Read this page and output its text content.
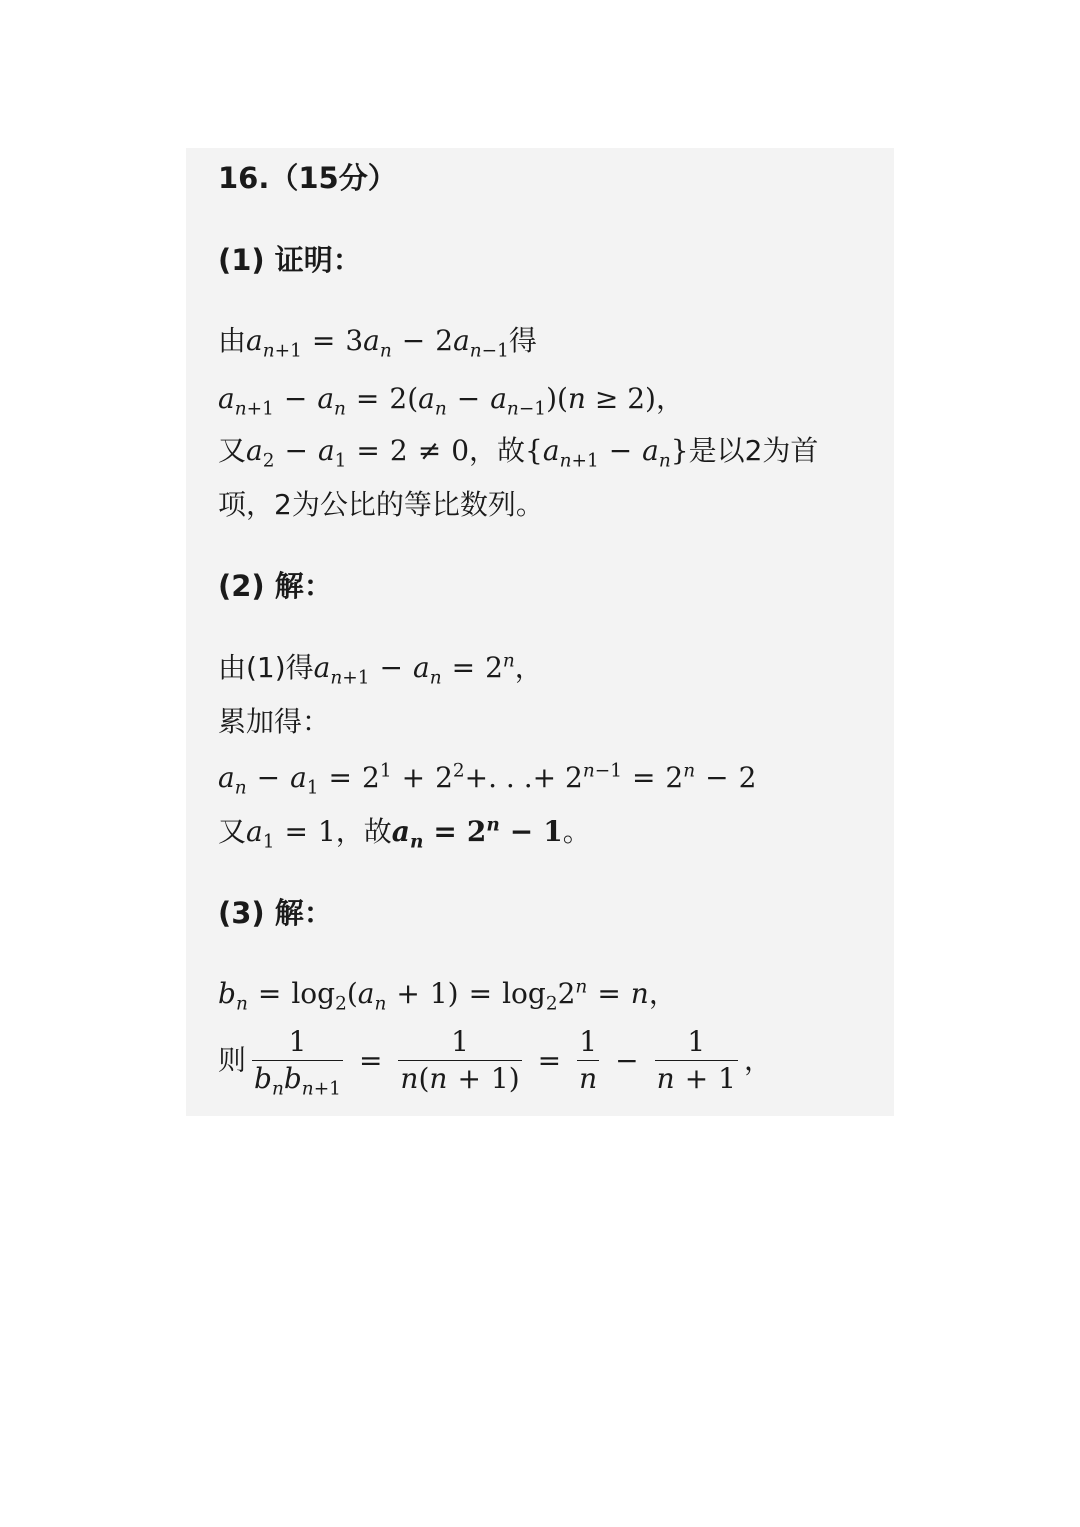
16.（15分）
(1) 证明：
由$a_{n+1} = 3a_n - 2a_{n-1}$得
$a_{n+1} - a_n = 2(a_n - a_{n-1})(n \ge 2)$，
又$a_2 - a_1 = 2 \ne 0$，故$\{a_{n+1} - a_n\}$是以2为首
项，2为公比的等比数列。
(2) 解：
由(1)得$a_{n+1} - a_n = 2^n$，
累加得：
$a_n - a_1 = 2^1 + 2^2+$. . .+ $2^{n-1} = 2^n - 2$
又$a_1 = 1$，故$a_n = 2^n - 1$。
(3) 解：
$b_n = \log_2(a_n + 1) = \log_22^n = n$，
则 $\frac{1}{b_nb_{n+1}} = \frac{1}{n(n + 1)} = \frac{1}{n} - \frac{1}{n + 1}$ ，
